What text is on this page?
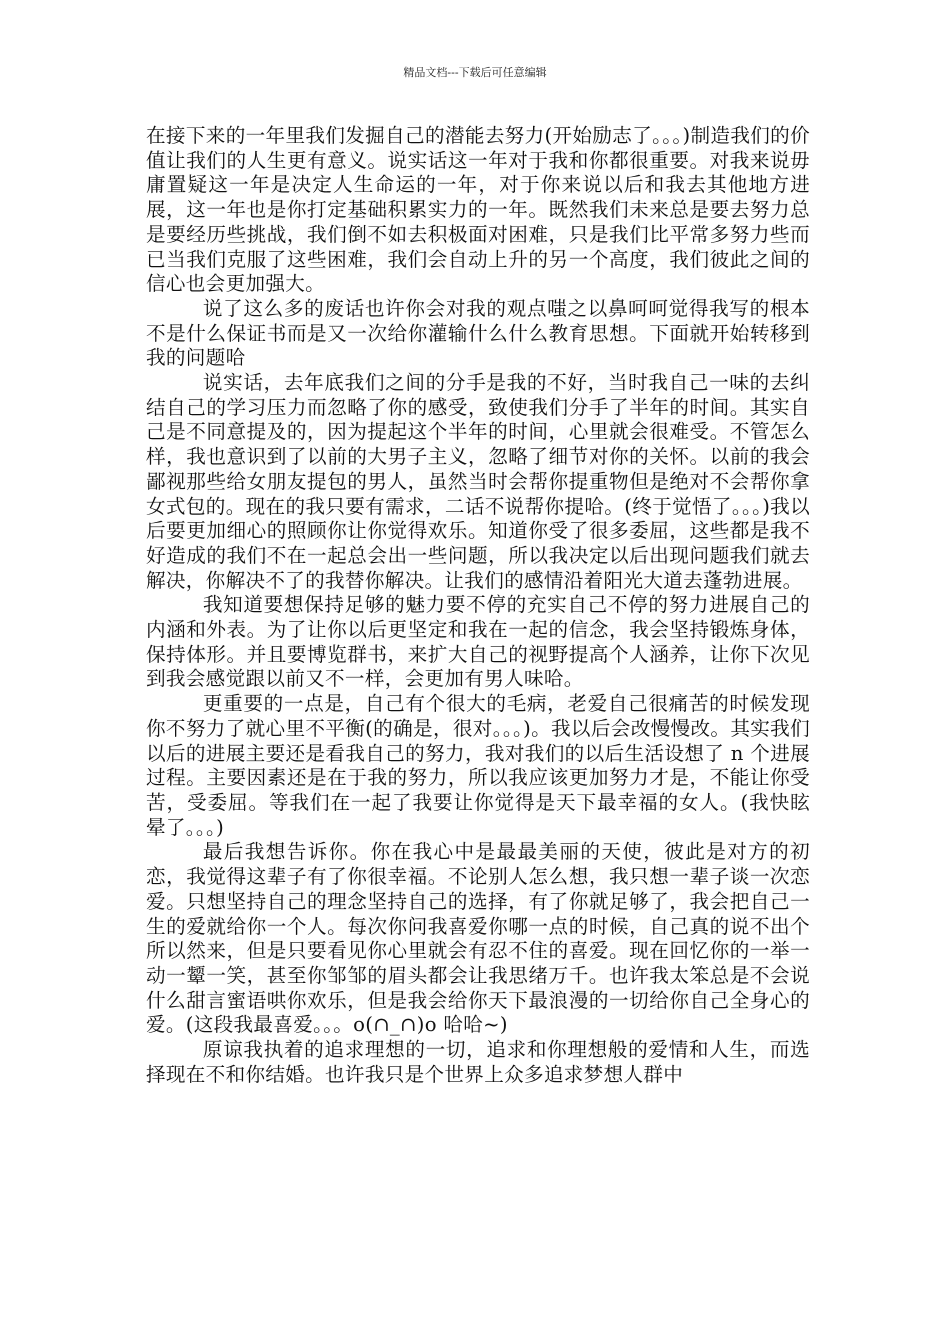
精品文档---下载后可任意编辑

在接下来的一年里我们发掘自己的潜能去努力(开始励志了。。。)制造我们的价值让我们的人生更有意义。说实话这一年对于我和你都很重要。对我来说毋庸置疑这一年是决定人生命运的一年，对于你来说以后和我去其他地方进展，这一年也是你打定基础积累实力的一年。既然我们未来总是要去努力总是要经历些挑战，我们倒不如去积极面对困难，只是我们比平常多努力些而已当我们克服了这些困难，我们会自动上升的另一个高度，我们彼此之间的信心也会更加强大。

说了这么多的废话也许你会对我的观点嗤之以鼻呵呵觉得我写的根本不是什么保证书而是又一次给你灌输什么什么教育思想。下面就开始转移到我的问题哈

说实话，去年底我们之间的分手是我的不好，当时我自己一味的去纠结自己的学习压力而忽略了你的感受，致使我们分手了半年的时间。其实自己是不同意提及的，因为提起这个半年的时间，心里就会很难受。不管怎么样，我也意识到了以前的大男子主义，忽略了细节对你的关怀。以前的我会鄙视那些给女朋友提包的男人，虽然当时会帮你提重物但是绝对不会帮你拿女式包的。现在的我只要有需求，二话不说帮你提哈。(终于觉悟了。。。)我以后要更加细心的照顾你让你觉得欢乐。知道你受了很多委屈，这些都是我不好造成的我们不在一起总会出一些问题，所以我决定以后出现问题我们就去解决，你解决不了的我替你解决。让我们的感情沿着阳光大道去蓬勃进展。

我知道要想保持足够的魅力要不停的充实自己不停的努力进展自己的内涵和外表。为了让你以后更坚定和我在一起的信念，我会坚持锻炼身体，保持体形。并且要博览群书，来扩大自己的视野提高个人涵养，让你下次见到我会感觉跟以前又不一样，会更加有男人味哈。

更重要的一点是，自己有个很大的毛病，老爱自己很痛苦的时候发现你不努力了就心里不平衡(的确是，很对。。。)。我以后会改慢慢改。其实我们以后的进展主要还是看我自己的努力，我对我们的以后生活设想了 n 个进展过程。主要因素还是在于我的努力，所以我应该更加努力才是，不能让你受苦，受委屈。等我们在一起了我要让你觉得是天下最幸福的女人。(我快眩晕了。。。)

最后我想告诉你。你在我心中是最最美丽的天使，彼此是对方的初恋，我觉得这辈子有了你很幸福。不论别人怎么想，我只想一辈子谈一次恋爱。只想坚持自己的理念坚持自己的选择，有了你就足够了，我会把自己一生的爱就给你一个人。每次你问我喜爱你哪一点的时候，自己真的说不出个所以然来，但是只要看见你心里就会有忍不住的喜爱。现在回忆你的一举一动一颦一笑，甚至你邹邹的眉头都会让我思绪万千。也许我太笨总是不会说什么甜言蜜语哄你欢乐，但是我会给你天下最浪漫的一切给你自己全身心的爱。(这段我最喜爱。。。o(∩_∩)o 哈哈~)

原谅我执着的追求理想的一切，追求和你理想般的爱情和人生，而选择现在不和你结婚。也许我只是个世界上众多追求梦想人群中
